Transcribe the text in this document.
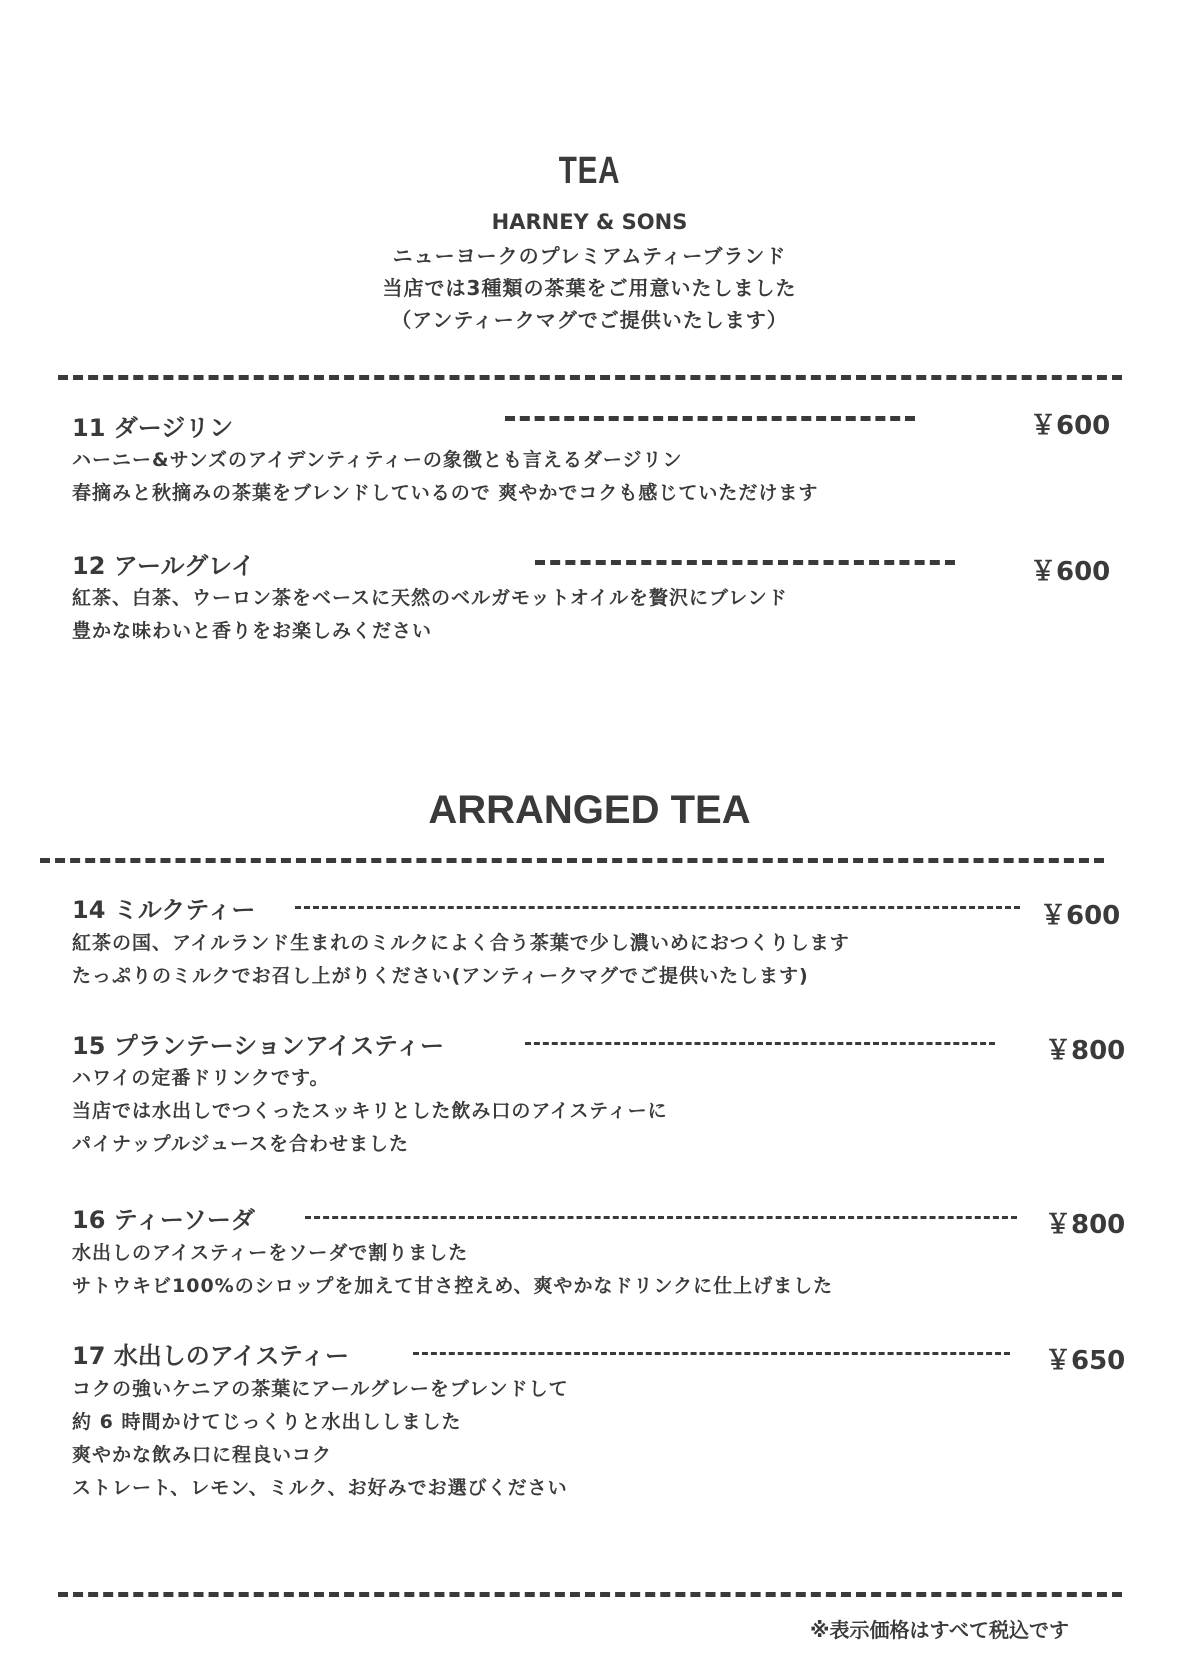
TEA
HARNEY & SONS
ニューヨークのプレミアムティーブランド
当店では3種類の茶葉をご用意いたしました
（アンティークマグでご提供いたします）
11 ダージリン	￥600
ハーニー&サンズのアイデンティティーの象徴とも言えるダージリン
春摘みと秋摘みの茶葉をブレンドしているので 爽やかでコクも感じていただけます
12 アールグレイ	￥600
紅茶、白茶、ウーロン茶をベースに天然のベルガモットオイルを贅沢にブレンド
豊かな味わいと香りをお楽しみください
ARRANGED TEA
14 ミルクティー	￥600
紅茶の国、アイルランド生まれのミルクによく合う茶葉で少し濃いめにおつくりします
たっぷりのミルクでお召し上がりください(アンティークマグでご提供いたします)
15 プランテーションアイスティー	￥800
ハワイの定番ドリンクです。
当店では水出しでつくったスッキリとした飲み口のアイスティーに
パイナップルジュースを合わせました
16 ティーソーダ	￥800
水出しのアイスティーをソーダで割りました
サトウキビ100%のシロップを加えて甘さ控えめ、爽やかなドリンクに仕上げました
17 水出しのアイスティー	￥650
コクの強いケニアの茶葉にアールグレーをブレンドして
約 6 時間かけてじっくりと水出ししました
爽やかな飲み口に程良いコク
ストレート、レモン、ミルク、お好みでお選びください
※表示価格はすべて税込です
